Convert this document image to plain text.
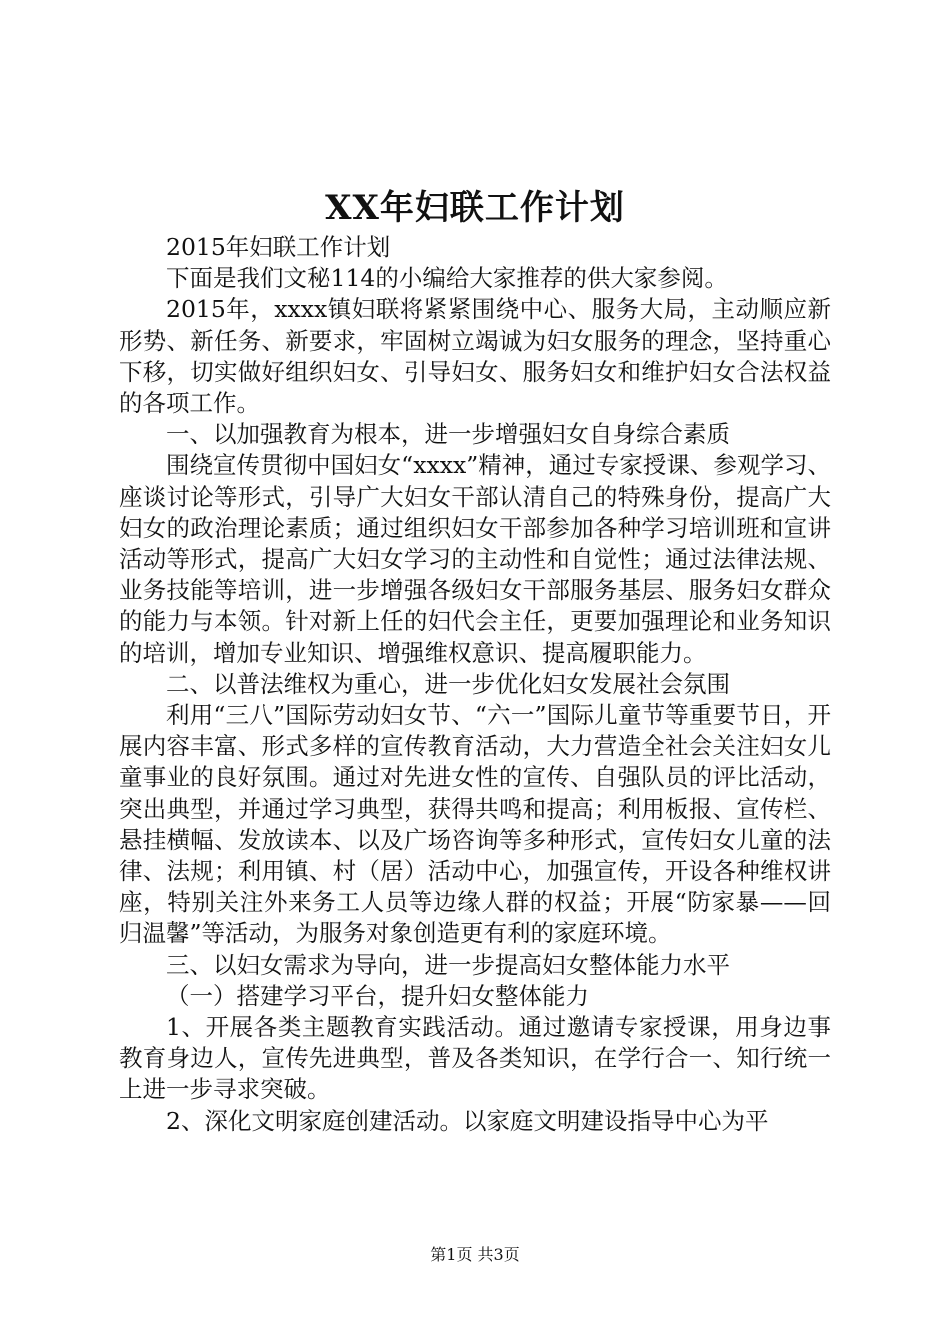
XX年妇联工作计划

2015年妇联工作计划

下面是我们文秘114的小编给大家推荐的供大家参阅。

2015年，xxxx镇妇联将紧紧围绕中心、服务大局，主动顺应新形势、新任务、新要求，牢固树立竭诚为妇女服务的理念，坚持重心下移，切实做好组织妇女、引导妇女、服务妇女和维护妇女合法权益的各项工作。

一、以加强教育为根本，进一步增强妇女自身综合素质

围绕宣传贯彻中国妇女“xxxx”精神，通过专家授课、参观学习、座谈讨论等形式，引导广大妇女干部认清自己的特殊身份，提高广大妇女的政治理论素质；通过组织妇女干部参加各种学习培训班和宣讲活动等形式，提高广大妇女学习的主动性和自觉性；通过法律法规、业务技能等培训，进一步增强各级妇女干部服务基层、服务妇女群众的能力与本领。针对新上任的妇代会主任，更要加强理论和业务知识的培训，增加专业知识、增强维权意识、提高履职能力。

二、以普法维权为重心，进一步优化妇女发展社会氛围

利用“三八”国际劳动妇女节、“六一”国际儿童节等重要节日，开展内容丰富、形式多样的宣传教育活动，大力营造全社会关注妇女儿童事业的良好氛围。通过对先进女性的宣传、自强队员的评比活动，突出典型，并通过学习典型，获得共鸣和提高；利用板报、宣传栏、悬挂横幅、发放读本、以及广场咨询等多种形式，宣传妇女儿童的法律、法规；利用镇、村（居）活动中心，加强宣传，开设各种维权讲座，特别关注外来务工人员等边缘人群的权益；开展“防家暴——回归温馨”等活动，为服务对象创造更有利的家庭环境。

三、以妇女需求为导向，进一步提高妇女整体能力水平

（一）搭建学习平台，提升妇女整体能力

1、开展各类主题教育实践活动。通过邀请专家授课，用身边事教育身边人，宣传先进典型，普及各类知识，在学行合一、知行统一上进一步寻求突破。

2、深化文明家庭创建活动。以家庭文明建设指导中心为平

第1页 共3页
